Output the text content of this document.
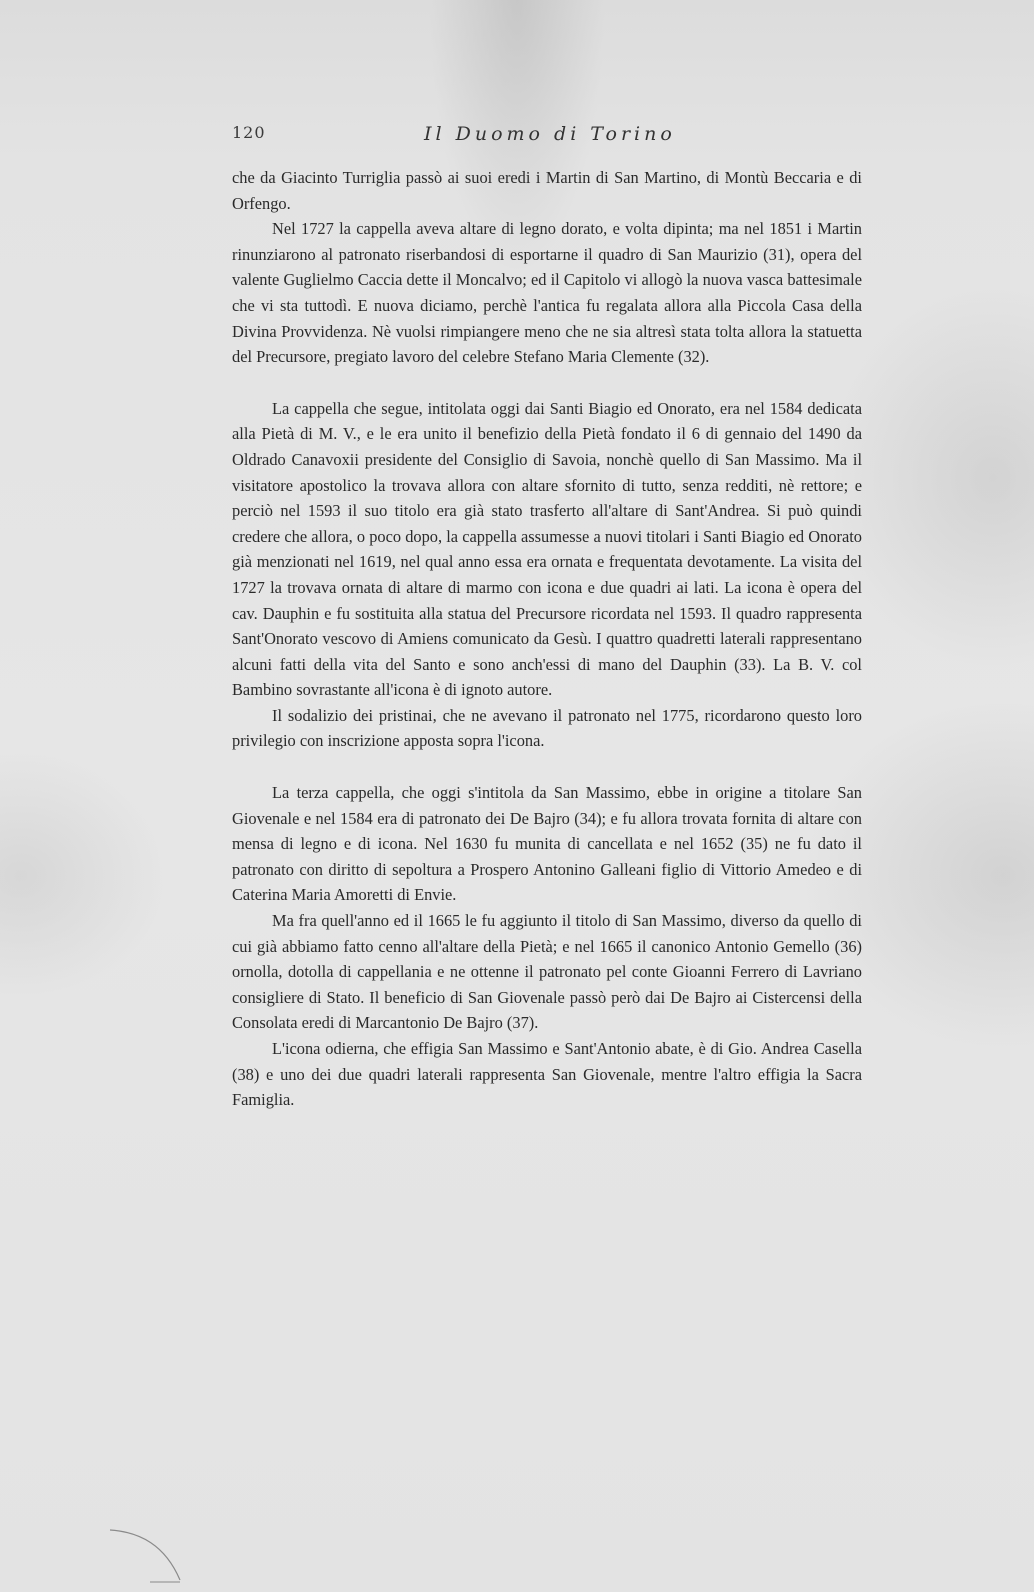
120	Il Duomo di Torino

che da Giacinto Turriglia passò ai suoi eredi i Martin di San Martino, di Montù Beccaria e di Orfengo.

Nel 1727 la cappella aveva altare di legno dorato, e volta dipinta; ma nel 1851 i Martin rinunziarono al patronato riserbandosi di esportarne il quadro di San Maurizio (31), opera del valente Guglielmo Caccia dette il Moncalvo; ed il Capitolo vi allogò la nuova vasca battesimale che vi sta tuttodì. E nuova diciamo, perchè l'antica fu regalata allora alla Piccola Casa della Divina Provvidenza. Nè vuolsi rimpiangere meno che ne sia altresì stata tolta allora la statuetta del Precursore, pregiato lavoro del celebre Stefano Maria Clemente (32).

La cappella che segue, intitolata oggi dai Santi Biagio ed Onorato, era nel 1584 dedicata alla Pietà di M. V., e le era unito il benefizio della Pietà fondato il 6 di gennaio del 1490 da Oldrado Canavoxii presidente del Consiglio di Savoia, nonchè quello di San Massimo. Ma il visitatore apostolico la trovava allora con altare sfornito di tutto, senza redditi, nè rettore; e perciò nel 1593 il suo titolo era già stato trasferto all'altare di Sant'Andrea. Si può quindi credere che allora, o poco dopo, la cappella assumesse a nuovi titolari i Santi Biagio ed Onorato già menzionati nel 1619, nel qual anno essa era ornata e frequentata devotamente. La visita del 1727 la trovava ornata di altare di marmo con icona e due quadri ai lati. La icona è opera del cav. Dauphin e fu sostituita alla statua del Precursore ricordata nel 1593. Il quadro rappresenta Sant'Onorato vescovo di Amiens comunicato da Gesù. I quattro quadretti laterali rappresentano alcuni fatti della vita del Santo e sono anch'essi di mano del Dauphin (33). La B. V. col Bambino sovrastante all'icona è di ignoto autore.

Il sodalizio dei pristinai, che ne avevano il patronato nel 1775, ricordarono questo loro privilegio con inscrizione apposta sopra l'icona.

La terza cappella, che oggi s'intitola da San Massimo, ebbe in origine a titolare San Giovenale e nel 1584 era di patronato dei De Bajro (34); e fu allora trovata fornita di altare con mensa di legno e di icona. Nel 1630 fu munita di cancellata e nel 1652 (35) ne fu dato il patronato con diritto di sepoltura a Prospero Antonino Galleani figlio di Vittorio Amedeo e di Caterina Maria Amoretti di Envie.

Ma fra quell'anno ed il 1665 le fu aggiunto il titolo di San Massimo, diverso da quello di cui già abbiamo fatto cenno all'altare della Pietà; e nel 1665 il canonico Antonio Gemello (36) ornolla, dotolla di cappellania e ne ottenne il patronato pel conte Gioanni Ferrero di Lavriano consigliere di Stato. Il beneficio di San Giovenale passò però dai De Bajro ai Cistercensi della Consolata eredi di Marcantonio De Bajro (37).

L'icona odierna, che effigia San Massimo e Sant'Antonio abate, è di Gio. Andrea Casella (38) e uno dei due quadri laterali rappresenta San Giovenale, mentre l'altro effigia la Sacra Famiglia.
